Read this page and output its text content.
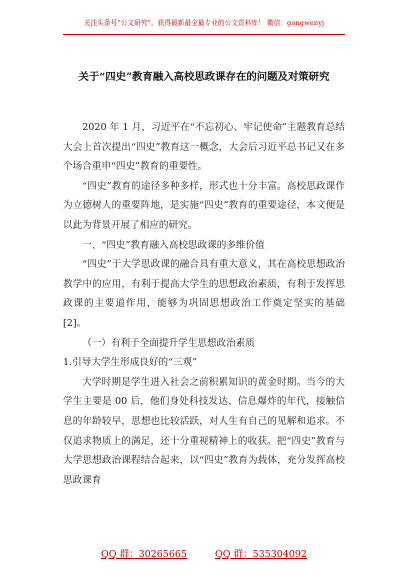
关注头条号“公文研究”，获得最新最全最专业的公文资料库！ 微信：gongwenyj
关于“四史”教育融入高校思政课存在的问题及对策研究

2020 年 1 月，习近平在“不忘初心、牢记使命”主题教育总结大会上首次提出“四史”教育这一概念，大会后习近平总书记又在多个场合重申“四史”教育的重要性。

“四史”教育的途径多种多样，形式也十分丰富。高校思政课作为立德树人的重要阵地，是实施“四史”教育的重要途径，本文便是以此为背景开展了相应的研究。

一、“四史”教育融入高校思政课的多维价值

“四史”于大学思政课的融合具有重大意义，其在高校思想政治教学中的应用，有利于提高大学生的思想政治素质，有利于发挥思政课的主要道作用，能够为巩固思想政治工作奠定坚实的基础[2]。

（一）有利于全面提升学生思想政治素质

1.引导大学生形成良好的“三观”

大学时期是学生进入社会之前积累知识的黄金时期。当今的大学生主要是 00 后，他们身处科技发达、信息爆炸的年代，接触信息的年龄较早，思想也比较活跃，对人生有自己的见解和追求。不仅追求物质上的满足，还十分重视精神上的收获。把“四史”教育与大学思想政治课程结合起来，以“四史”教育为载体，充分发挥高校思政课育

QQ 群：30265665	QQ 群：535304092
